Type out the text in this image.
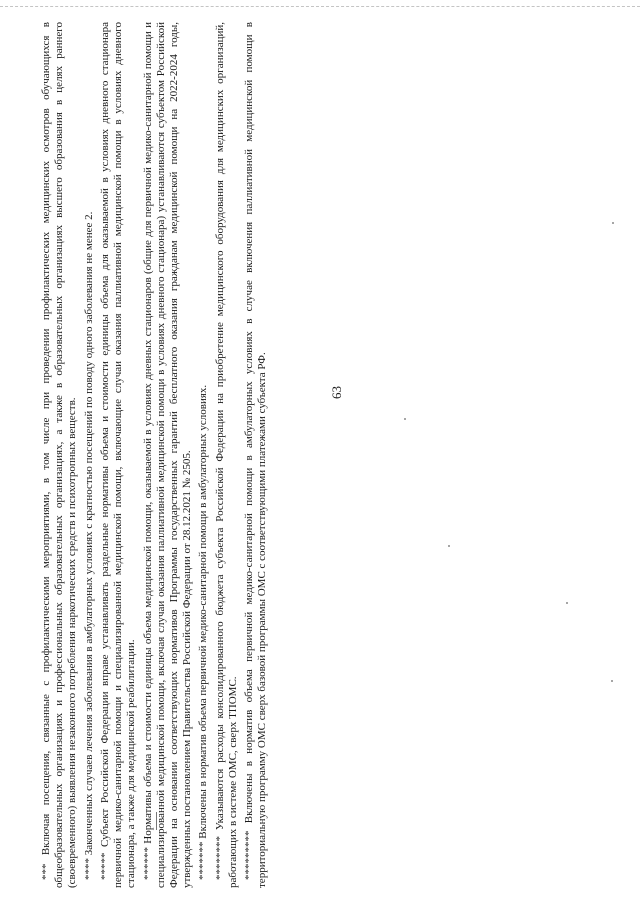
63

*** Включая посещения, связанные с профилактическими мероприятиями, в том числе при проведении профилактических медицинских осмотров обучающихся в общеобразовательных организациях и профессиональных образовательных организациях, а также в образовательных организациях высшего образования в целях раннего (своевременного) выявления незаконного потребления наркотических средств и психотропных веществ. **** Законченных случаев лечения заболевания в амбулаторных условиях с кратностью посещений по поводу одного заболевания не менее 2. ***** Субъект Российской Федерации вправе устанавливать раздельные нормативы объема и стоимости единицы объема для оказываемой в условиях дневного стационара первичной медико-санитарной помощи и специализированной медицинской помощи, включающие случаи оказания паллиативной медицинской помощи в условиях дневного стационара, а также для медицинской реабилитации. ****** Нормативы объема и стоимости единицы объема медицинской помощи, оказываемой в условиях дневных стационаров (общие для первичной медико-санитарной помощи и специализированной медицинской помощи, включая случаи оказания паллиативной медицинской помощи в условиях дневного стационара) устанавливаются субъектом Российской Федерации на основании соответствующих нормативов Программы государственных гарантий бесплатного оказания гражданам медицинской помощи на 2022-2024 годы, утвержденных постановлением Правительства Российской Федерации от 28.12.2021 № 2505. ******* Включены в норматив объема первичной медико-санитарной помощи в амбулаторных условиях. ******** Указываются расходы консолидированного бюджета субъекта Российской Федерации на приобретение медицинского оборудования для медицинских организаций, работающих в системе ОМС, сверх ТПОМС. ********* Включены в норматив объема первичной медико-санитарной помощи в амбулаторных условиях в случае включения паллиативной медицинской помощи в территориальную программу ОМС сверх базовой программы ОМС с соответствующими платежами субъекта РФ.
